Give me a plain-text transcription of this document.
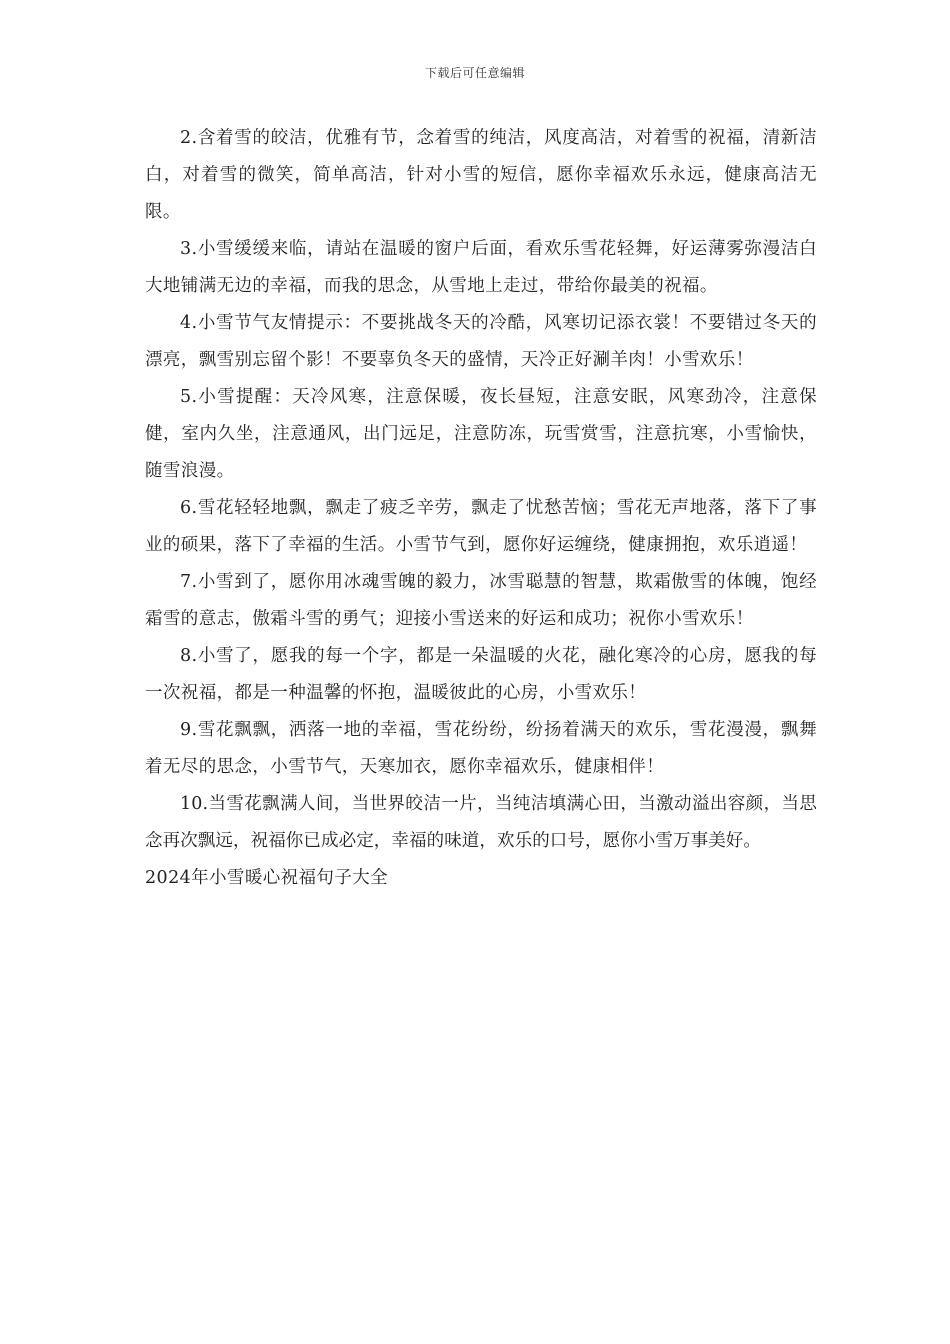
下载后可任意编辑

2.含着雪的皎洁，优雅有节，念着雪的纯洁，风度高洁，对着雪的祝福，清新洁白，对着雪的微笑，简单高洁，针对小雪的短信，愿你幸福欢乐永远，健康高洁无限。

3.小雪缓缓来临，请站在温暖的窗户后面，看欢乐雪花轻舞，好运薄雾弥漫洁白大地铺满无边的幸福，而我的思念，从雪地上走过，带给你最美的祝福。

4.小雪节气友情提示：不要挑战冬天的冷酷，风寒切记添衣裳！不要错过冬天的漂亮，飘雪别忘留个影！不要辜负冬天的盛情，天冷正好涮羊肉！小雪欢乐！

5.小雪提醒：天冷风寒，注意保暖，夜长昼短，注意安眠，风寒劲冷，注意保健，室内久坐，注意通风，出门远足，注意防冻，玩雪赏雪，注意抗寒，小雪愉快，随雪浪漫。

6.雪花轻轻地飘，飘走了疲乏辛劳，飘走了忧愁苦恼；雪花无声地落，落下了事业的硕果，落下了幸福的生活。小雪节气到，愿你好运缠绕，健康拥抱，欢乐逍遥！

7.小雪到了，愿你用冰魂雪魄的毅力，冰雪聪慧的智慧，欺霜傲雪的体魄，饱经霜雪的意志，傲霜斗雪的勇气；迎接小雪送来的好运和成功；祝你小雪欢乐！

8.小雪了，愿我的每一个字，都是一朵温暖的火花，融化寒冷的心房，愿我的每一次祝福，都是一种温馨的怀抱，温暖彼此的心房，小雪欢乐！

9.雪花飘飘，洒落一地的幸福，雪花纷纷，纷扬着满天的欢乐，雪花漫漫，飘舞着无尽的思念，小雪节气，天寒加衣，愿你幸福欢乐，健康相伴！

10.当雪花飘满人间，当世界皎洁一片，当纯洁填满心田，当激动溢出容颜，当思念再次飘远，祝福你已成必定，幸福的味道，欢乐的口号，愿你小雪万事美好。

2024年小雪暖心祝福句子大全
